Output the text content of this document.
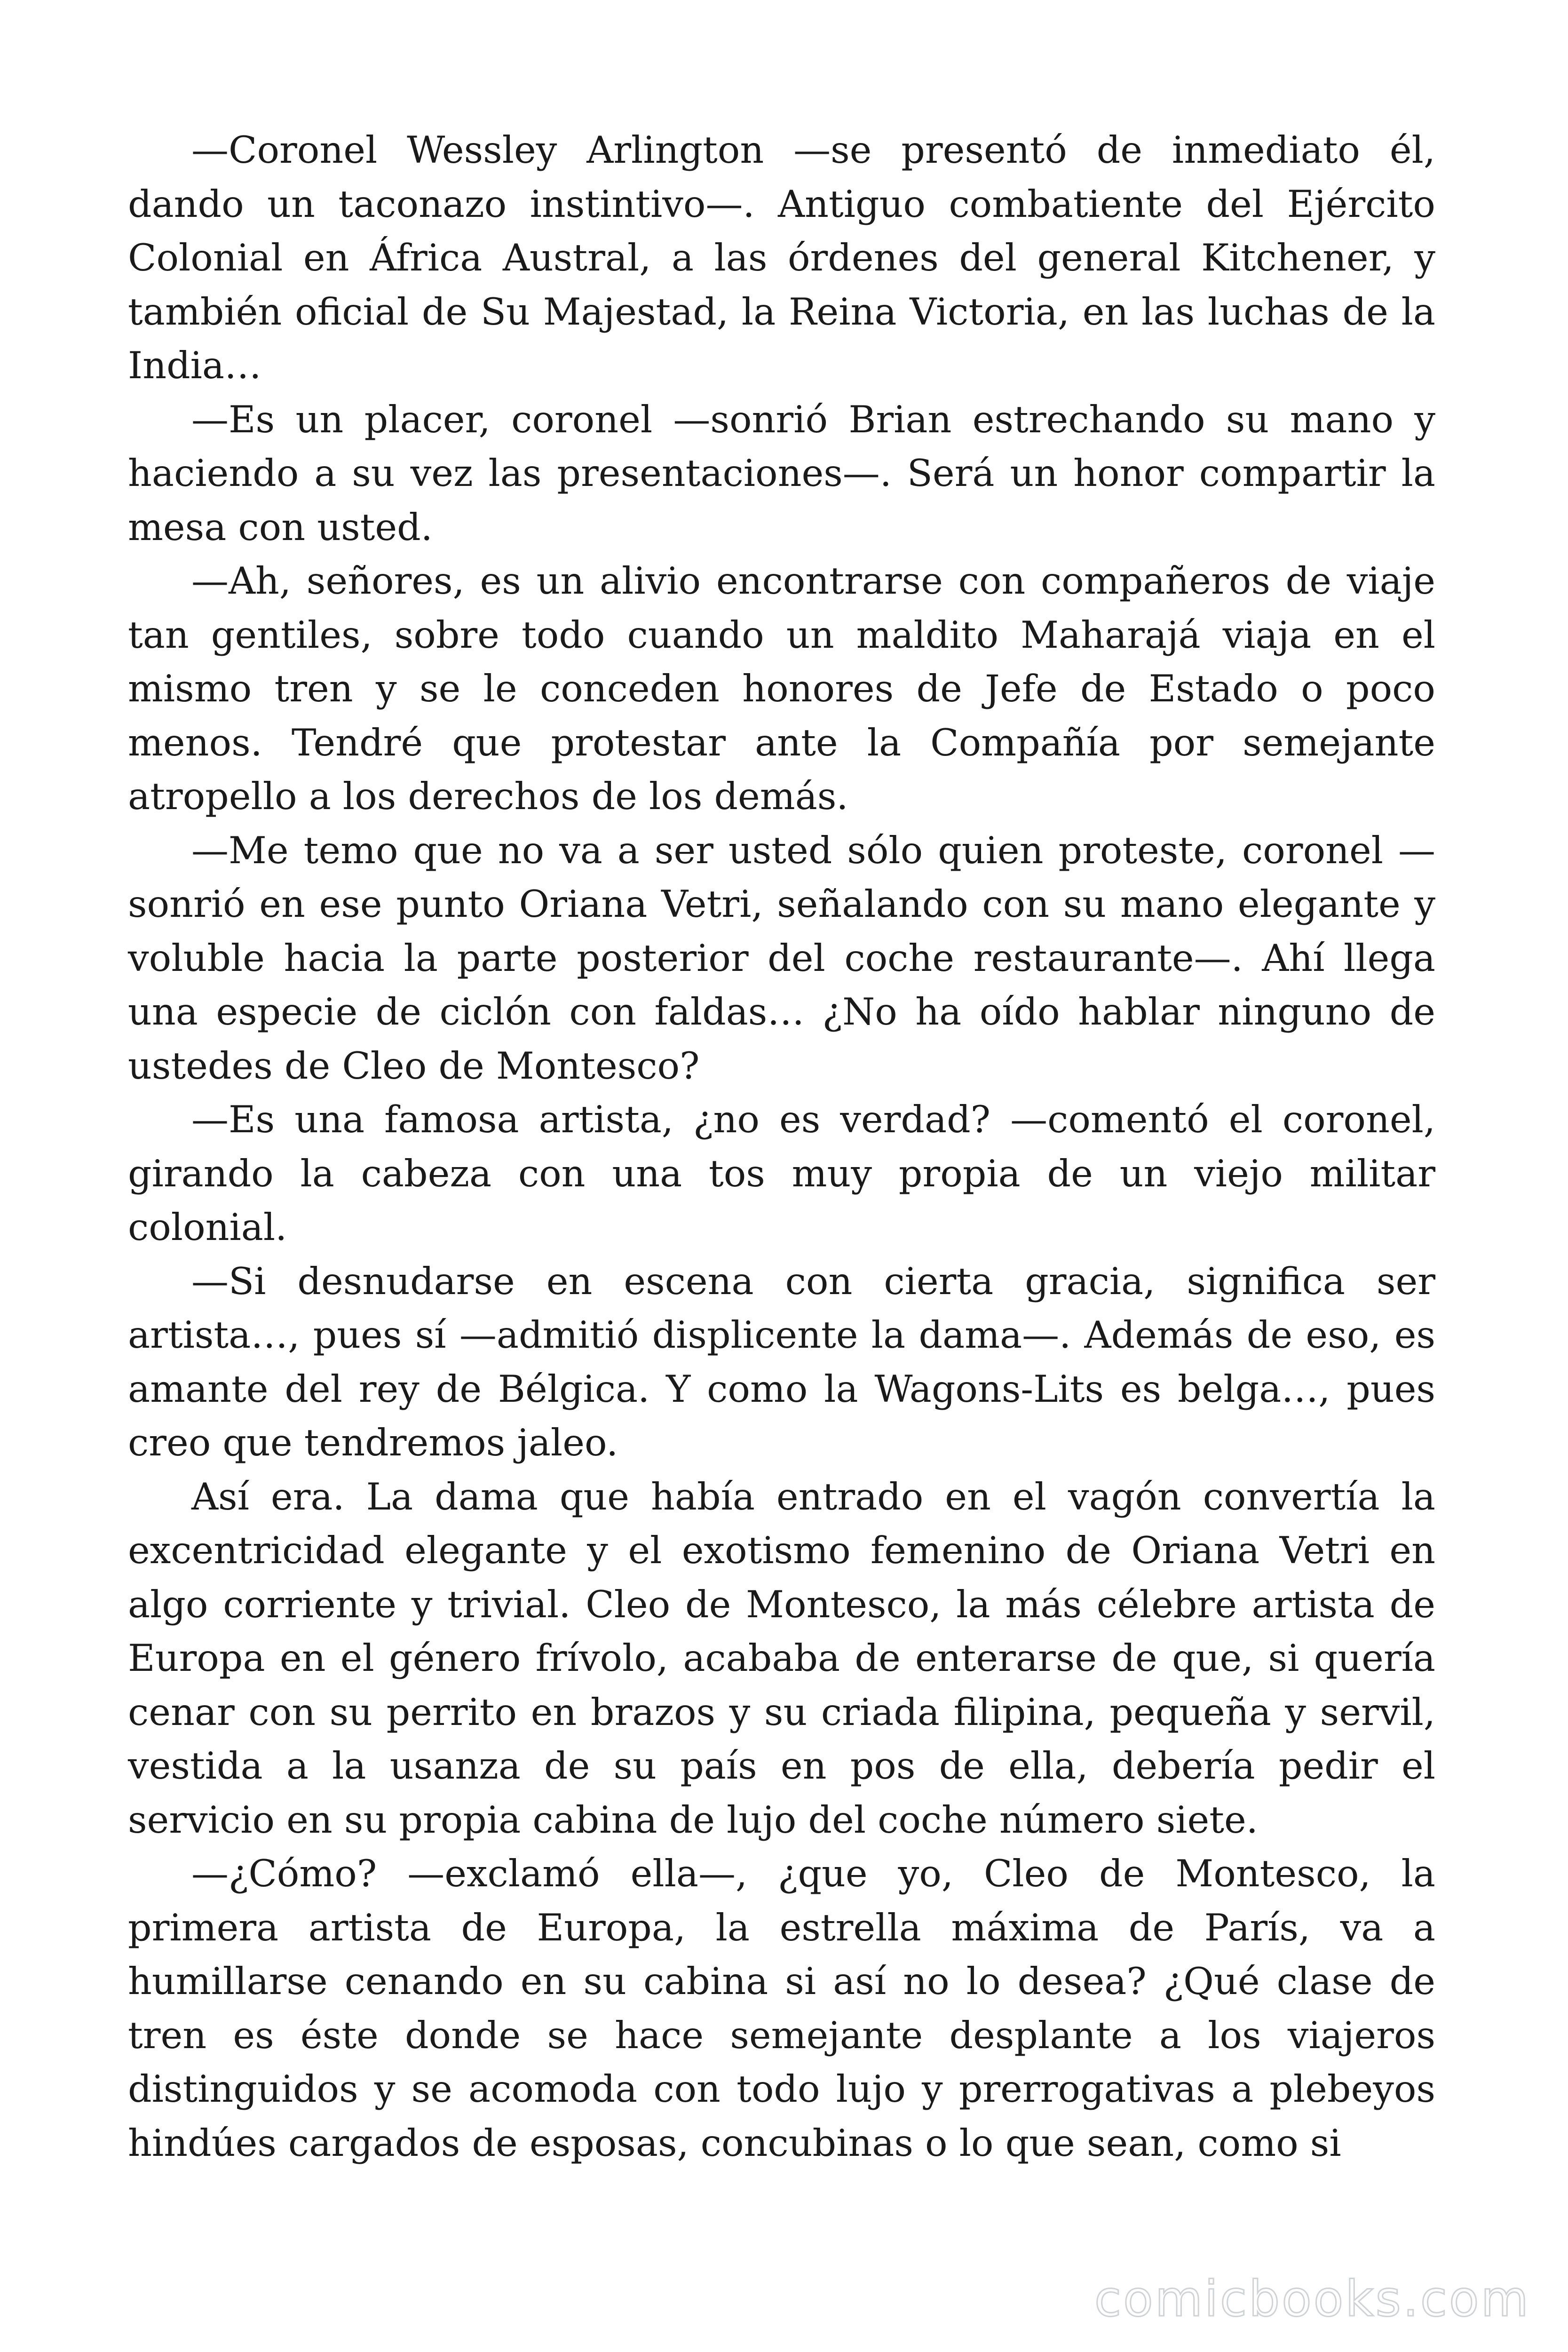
—Coronel Wessley Arlington —se presentó de inmediato él, dando un taconazo instintivo—. Antiguo combatiente del Ejército Colonial en África Austral, a las órdenes del general Kitchener, y también oficial de Su Majestad, la Reina Victoria, en las luchas de la India…

—Es un placer, coronel —sonrió Brian estrechando su mano y haciendo a su vez las presentaciones—. Será un honor compartir la mesa con usted.

—Ah, señores, es un alivio encontrarse con compañeros de viaje tan gentiles, sobre todo cuando un maldito Maharajá viaja en el mismo tren y se le conceden honores de Jefe de Estado o poco menos. Tendré que protestar ante la Compañía por semejante atropello a los derechos de los demás.

—Me temo que no va a ser usted sólo quien proteste, coronel —sonrió en ese punto Oriana Vetri, señalando con su mano elegante y voluble hacia la parte posterior del coche restaurante—. Ahí llega una especie de ciclón con faldas… ¿No ha oído hablar ninguno de ustedes de Cleo de Montesco?

—Es una famosa artista, ¿no es verdad? —comentó el coronel, girando la cabeza con una tos muy propia de un viejo militar colonial.

—Si desnudarse en escena con cierta gracia, significa ser artista…, pues sí —admitió displicente la dama—. Además de eso, es amante del rey de Bélgica. Y como la Wagons-Lits es belga…, pues creo que tendremos jaleo.

Así era. La dama que había entrado en el vagón convertía la excentricidad elegante y el exotismo femenino de Oriana Vetri en algo corriente y trivial. Cleo de Montesco, la más célebre artista de Europa en el género frívolo, acababa de enterarse de que, si quería cenar con su perrito en brazos y su criada filipina, pequeña y servil, vestida a la usanza de su país en pos de ella, debería pedir el servicio en su propia cabina de lujo del coche número siete.

—¿Cómo? —exclamó ella—, ¿que yo, Cleo de Montesco, la primera artista de Europa, la estrella máxima de París, va a humillarse cenando en su cabina si así no lo desea? ¿Qué clase de tren es éste donde se hace semejante desplante a los viajeros distinguidos y se acomoda con todo lujo y prerrogativas a plebeyos hindúes cargados de esposas, concubinas o lo que sean, como si

comicbooks.com
